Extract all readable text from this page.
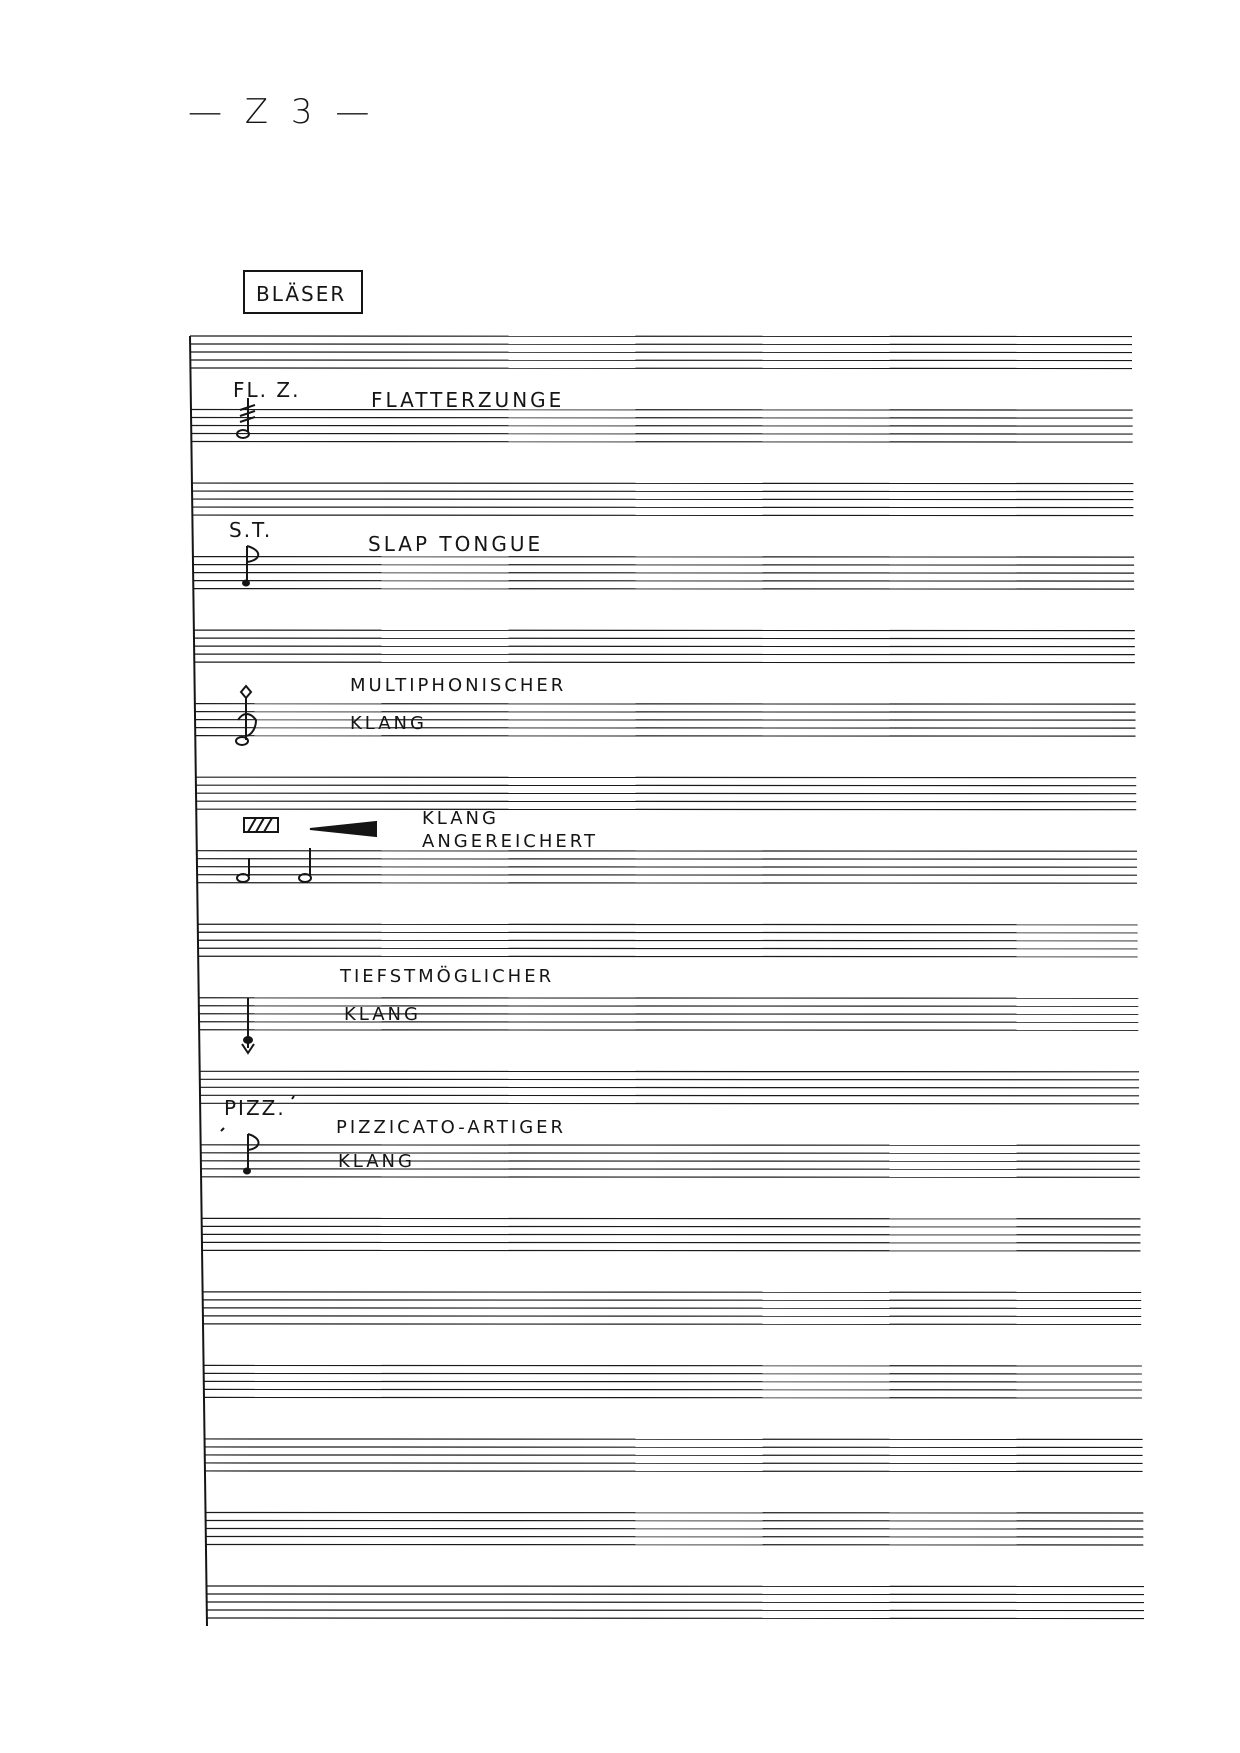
— Z 3 —
BLÄSER
FL. Z.	FLATTERZUNGE
S.T.
SLAP TONGUE
MULTIPHONISCHER
KLANG
KLANG
ANGEREICHERT
TIEFSTMÖGLICHER
KLANG
PIZZ.
PIZZICATO-ARTIGER
KLANG
